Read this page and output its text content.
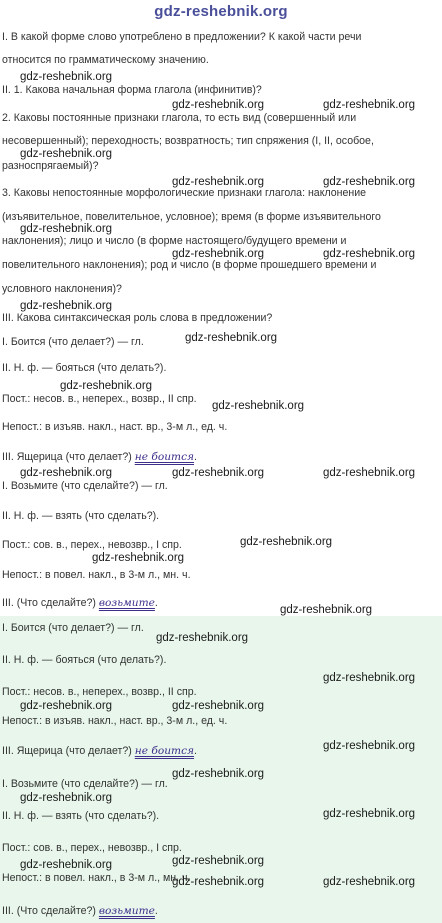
gdz-reshebnik.org
I. В какой форме слово употреблено в предложении? К какой части речи
относится по грамматическому значению.
II. 1. Какова начальная форма глагола (инфинитив)?
2. Каковы постоянные признаки глагола, то есть вид (совершенный или
несовершенный); переходность; возвратность; тип спряжения (I, II, особое,
разноспрягаемый)?
3. Каковы непостоянные морфологические признаки глагола: наклонение
(изъявительное, повелительное, условное); время (в форме изъявительного
наклонения); лицо и число (в форме настоящего/будущего времени и
повелительного наклонения); род и число (в форме прошедшего времени и
условного наклонения)?
III. Какова синтаксическая роль слова в предложении?
I. Боится (что делает?) — гл.
II. Н. ф. — бояться (что делать?).
Пост.: несов. в., неперех., возвр., II спр.
Непост.: в изъяв. накл., наст. вр., 3-м л., ед. ч.
III. Ящерица (что делает?) не боится.
I. Возьмите (что сделайте?) — гл.
II. Н. ф. — взять (что сделать?).
Пост.: сов. в., перех., невозвр., I спр.
Непост.: в повел. накл., в 3-м л., мн. ч.
III. (Что сделайте?) возьмите.
I. Боится (что делает?) — гл.
II. Н. ф. — бояться (что делать?).
Пост.: несов. в., неперех., возвр., II спр.
Непост.: в изъяв. накл., наст. вр., 3-м л., ед. ч.
III. Ящерица (что делает?) не боится.
I. Возьмите (что сделайте?) — гл.
II. Н. ф. — взять (что сделать?).
Пост.: сов. в., перех., невозвр., I спр.
Непост.: в повел. накл., в 3-м л., мн. ч.
III. (Что сделайте?) возьмите.
gdz-reshebnik.org
gdz-reshebnik.org	gdz-reshebnik.org
gdz-reshebnik.org
gdz-reshebnik.org	gdz-reshebnik.org
gdz-reshebnik.org
gdz-reshebnik.org	gdz-reshebnik.org
gdz-reshebnik.org
gdz-reshebnik.org
gdz-reshebnik.org
gdz-reshebnik.org
gdz-reshebnik.org	gdz-reshebnik.org	gdz-reshebnik.org
gdz-reshebnik.org
gdz-reshebnik.org
gdz-reshebnik.org
gdz-reshebnik.org
gdz-reshebnik.org
gdz-reshebnik.org	gdz-reshebnik.org
gdz-reshebnik.org
gdz-reshebnik.org
gdz-reshebnik.org
gdz-reshebnik.org
gdz-reshebnik.org
gdz-reshebnik.org
gdz-reshebnik.org	gdz-reshebnik.org
